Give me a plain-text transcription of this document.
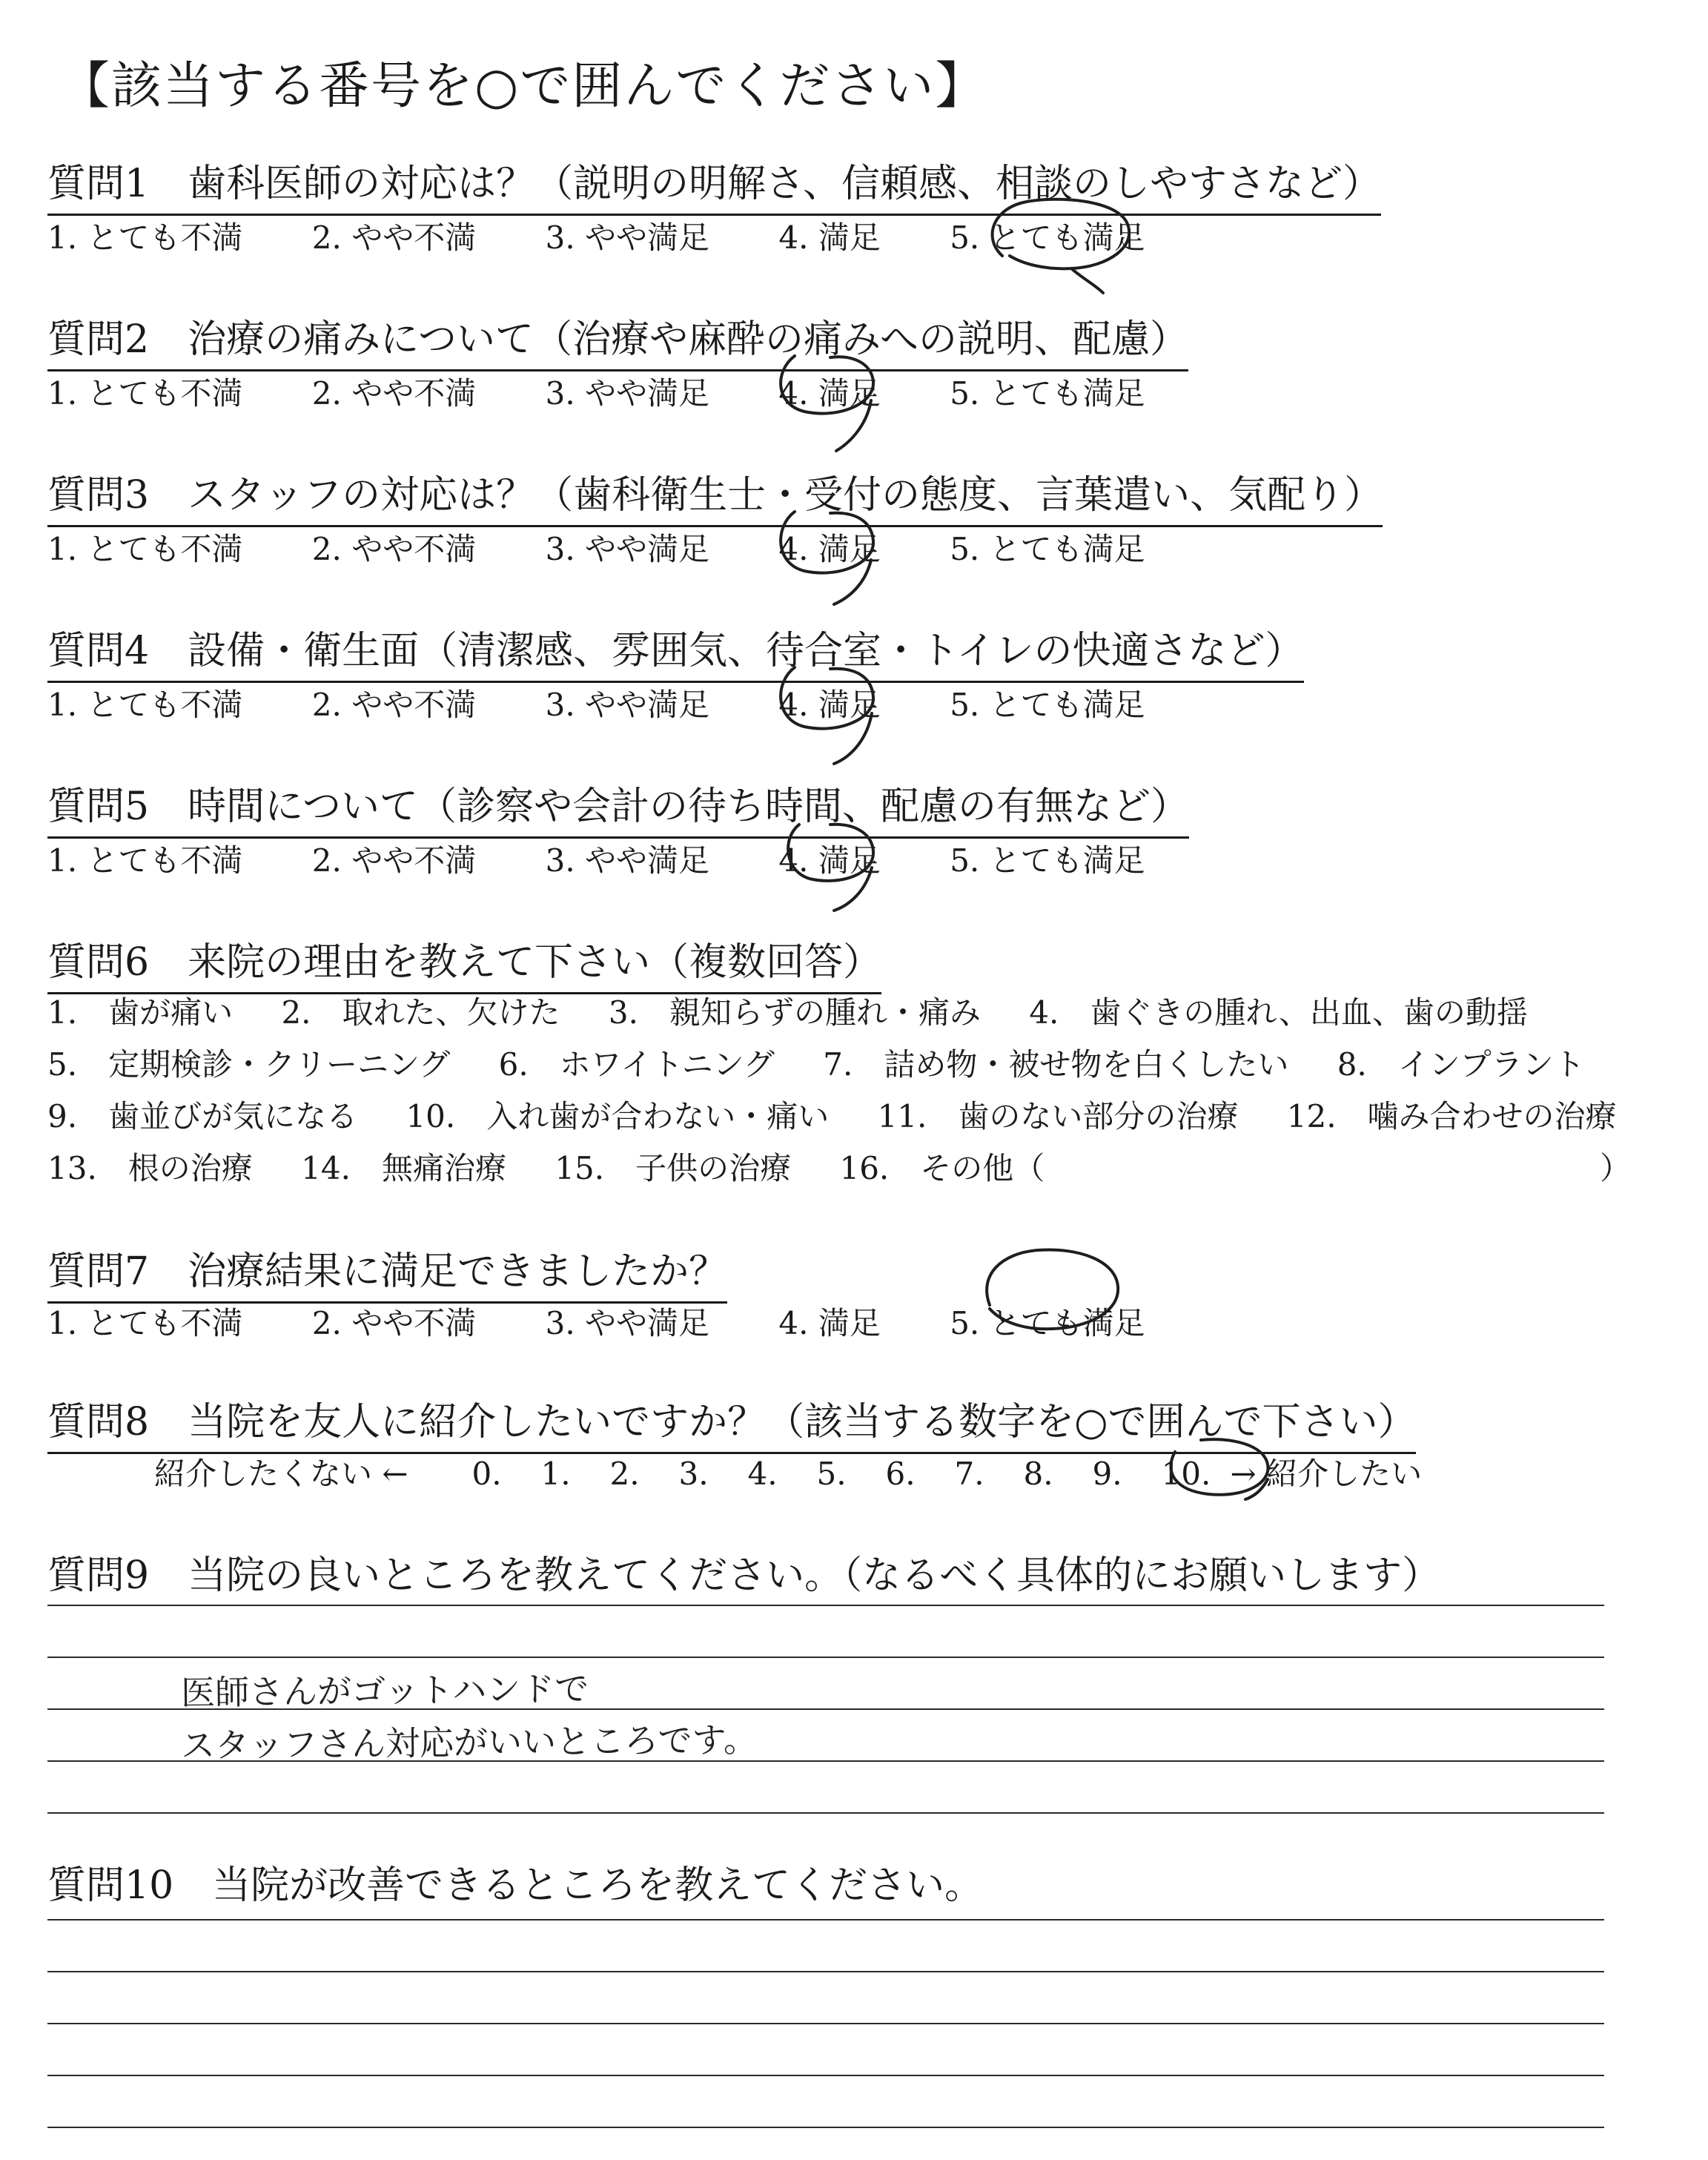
【該当する番号を○で囲んでください】
質問1　歯科医師の対応は？（説明の明解さ、信頼感、相談のしやすさなど）
1. とても不満 2. やや不満 3. やや満足 4. 満足 5. とても満足
質問2　治療の痛みについて（治療や麻酔の痛みへの説明、配慮）
1. とても不満 2. やや不満 3. やや満足 4. 満足 5. とても満足
質問3　スタッフの対応は？（歯科衛生士・受付の態度、言葉遣い、気配り）
1. とても不満 2. やや不満 3. やや満足 4. 満足 5. とても満足
質問4　設備・衛生面（清潔感、雰囲気、待合室・トイレの快適さなど）
1. とても不満 2. やや不満 3. やや満足 4. 満足 5. とても満足
質問5　時間について（診察や会計の待ち時間、配慮の有無など）
1. とても不満 2. やや不満 3. やや満足 4. 満足 5. とても満足
質問6　来院の理由を教えて下さい（複数回答）
1.　歯が痛い 2.　取れた、欠けた 3.　親知らずの腫れ・痛み 4.　歯ぐきの腫れ、出血、歯の動揺
5.　定期検診・クリーニング 6.　ホワイトニング 7.　詰め物・被せ物を白くしたい 8.　インプラント
9.　歯並びが気になる 10.　入れ歯が合わない・痛い 11.　歯のない部分の治療 12.　噛み合わせの治療
13.　根の治療 14.　無痛治療 15.　子供の治療 16.　その他（	）
質問7　治療結果に満足できましたか？
1. とても不満 2. やや不満 3. やや満足 4. 満足 5. とても満足
質問8　当院を友人に紹介したいですか？（該当する数字を○で囲んで下さい）
紹介したくない ← 0. 1. 2. 3. 4. 5. 6. 7. 8. 9. 10. → 紹介したい
質問9　当院の良いところを教えてください。（なるべく具体的にお願いします）
医師さんがゴットハンドで
スタッフさん対応がいいところです。
質問10　当院が改善できるところを教えてください。
